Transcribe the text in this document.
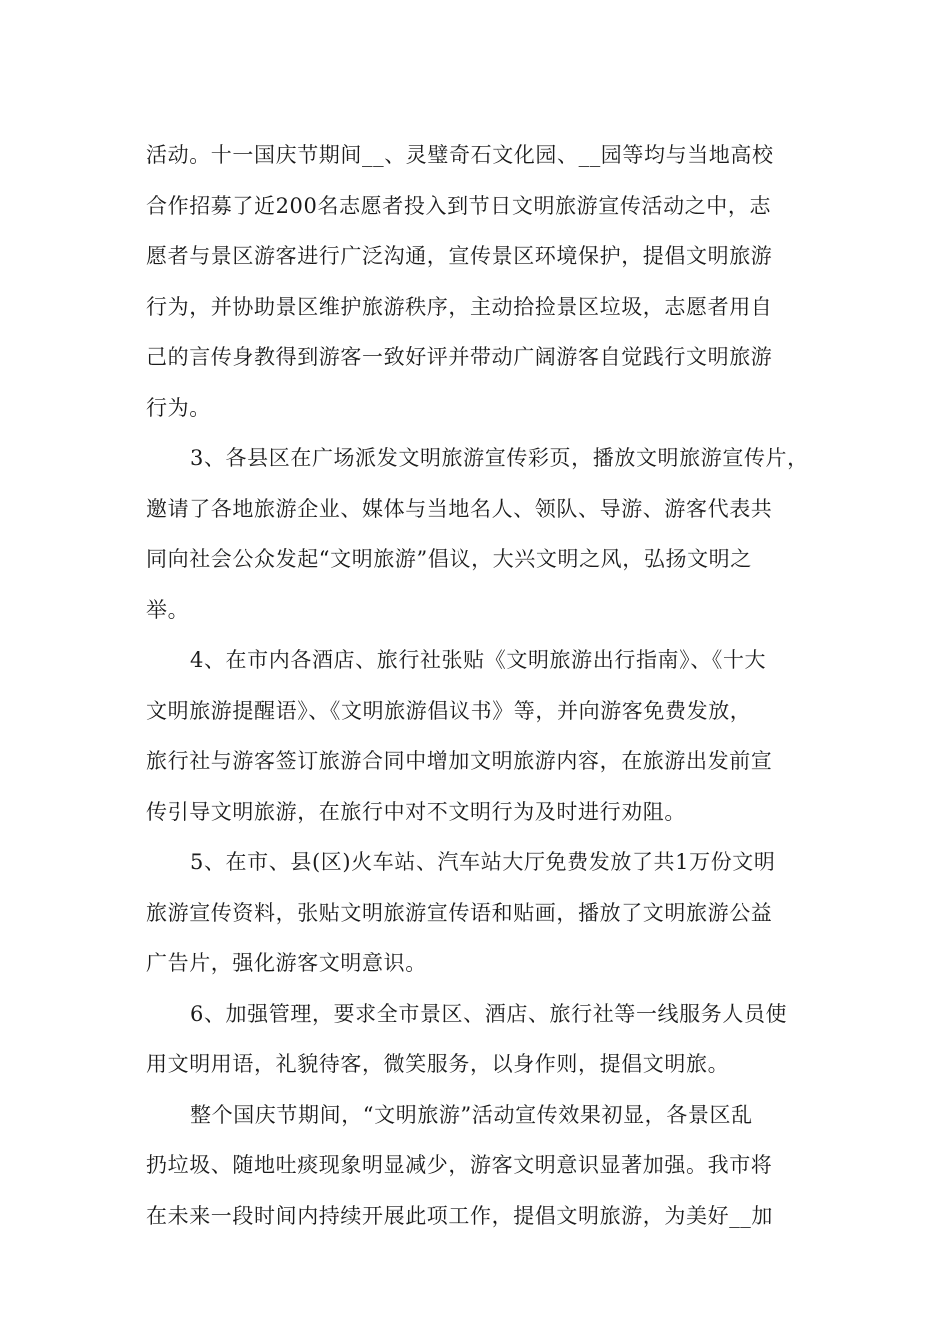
活动。十一国庆节期间__、灵璧奇石文化园、__园等均与当地高校
合作招募了近200名志愿者投入到节日文明旅游宣传活动之中，志
愿者与景区游客进行广泛沟通，宣传景区环境保护，提倡文明旅游
行为，并协助景区维护旅游秩序，主动拾捡景区垃圾，志愿者用自
己的言传身教得到游客一致好评并带动广阔游客自觉践行文明旅游
行为。
3、各县区在广场派发文明旅游宣传彩页，播放文明旅游宣传片，
邀请了各地旅游企业、媒体与当地名人、领队、导游、游客代表共
同向社会公众发起“文明旅游”倡议，大兴文明之风，弘扬文明之
举。
4、在市内各酒店、旅行社张贴《文明旅游出行指南》、《十大
文明旅游提醒语》、《文明旅游倡议书》等，并向游客免费发放，
旅行社与游客签订旅游合同中增加文明旅游内容，在旅游出发前宣
传引导文明旅游，在旅行中对不文明行为及时进行劝阻。
5、在市、县(区)火车站、汽车站大厅免费发放了共1万份文明
旅游宣传资料，张贴文明旅游宣传语和贴画，播放了文明旅游公益
广告片，强化游客文明意识。
6、加强管理，要求全市景区、酒店、旅行社等一线服务人员使
用文明用语，礼貌待客，微笑服务，以身作则，提倡文明旅。
整个国庆节期间，“文明旅游”活动宣传效果初显，各景区乱
扔垃圾、随地吐痰现象明显减少，游客文明意识显著加强。我市将
在未来一段时间内持续开展此项工作，提倡文明旅游，为美好__加
